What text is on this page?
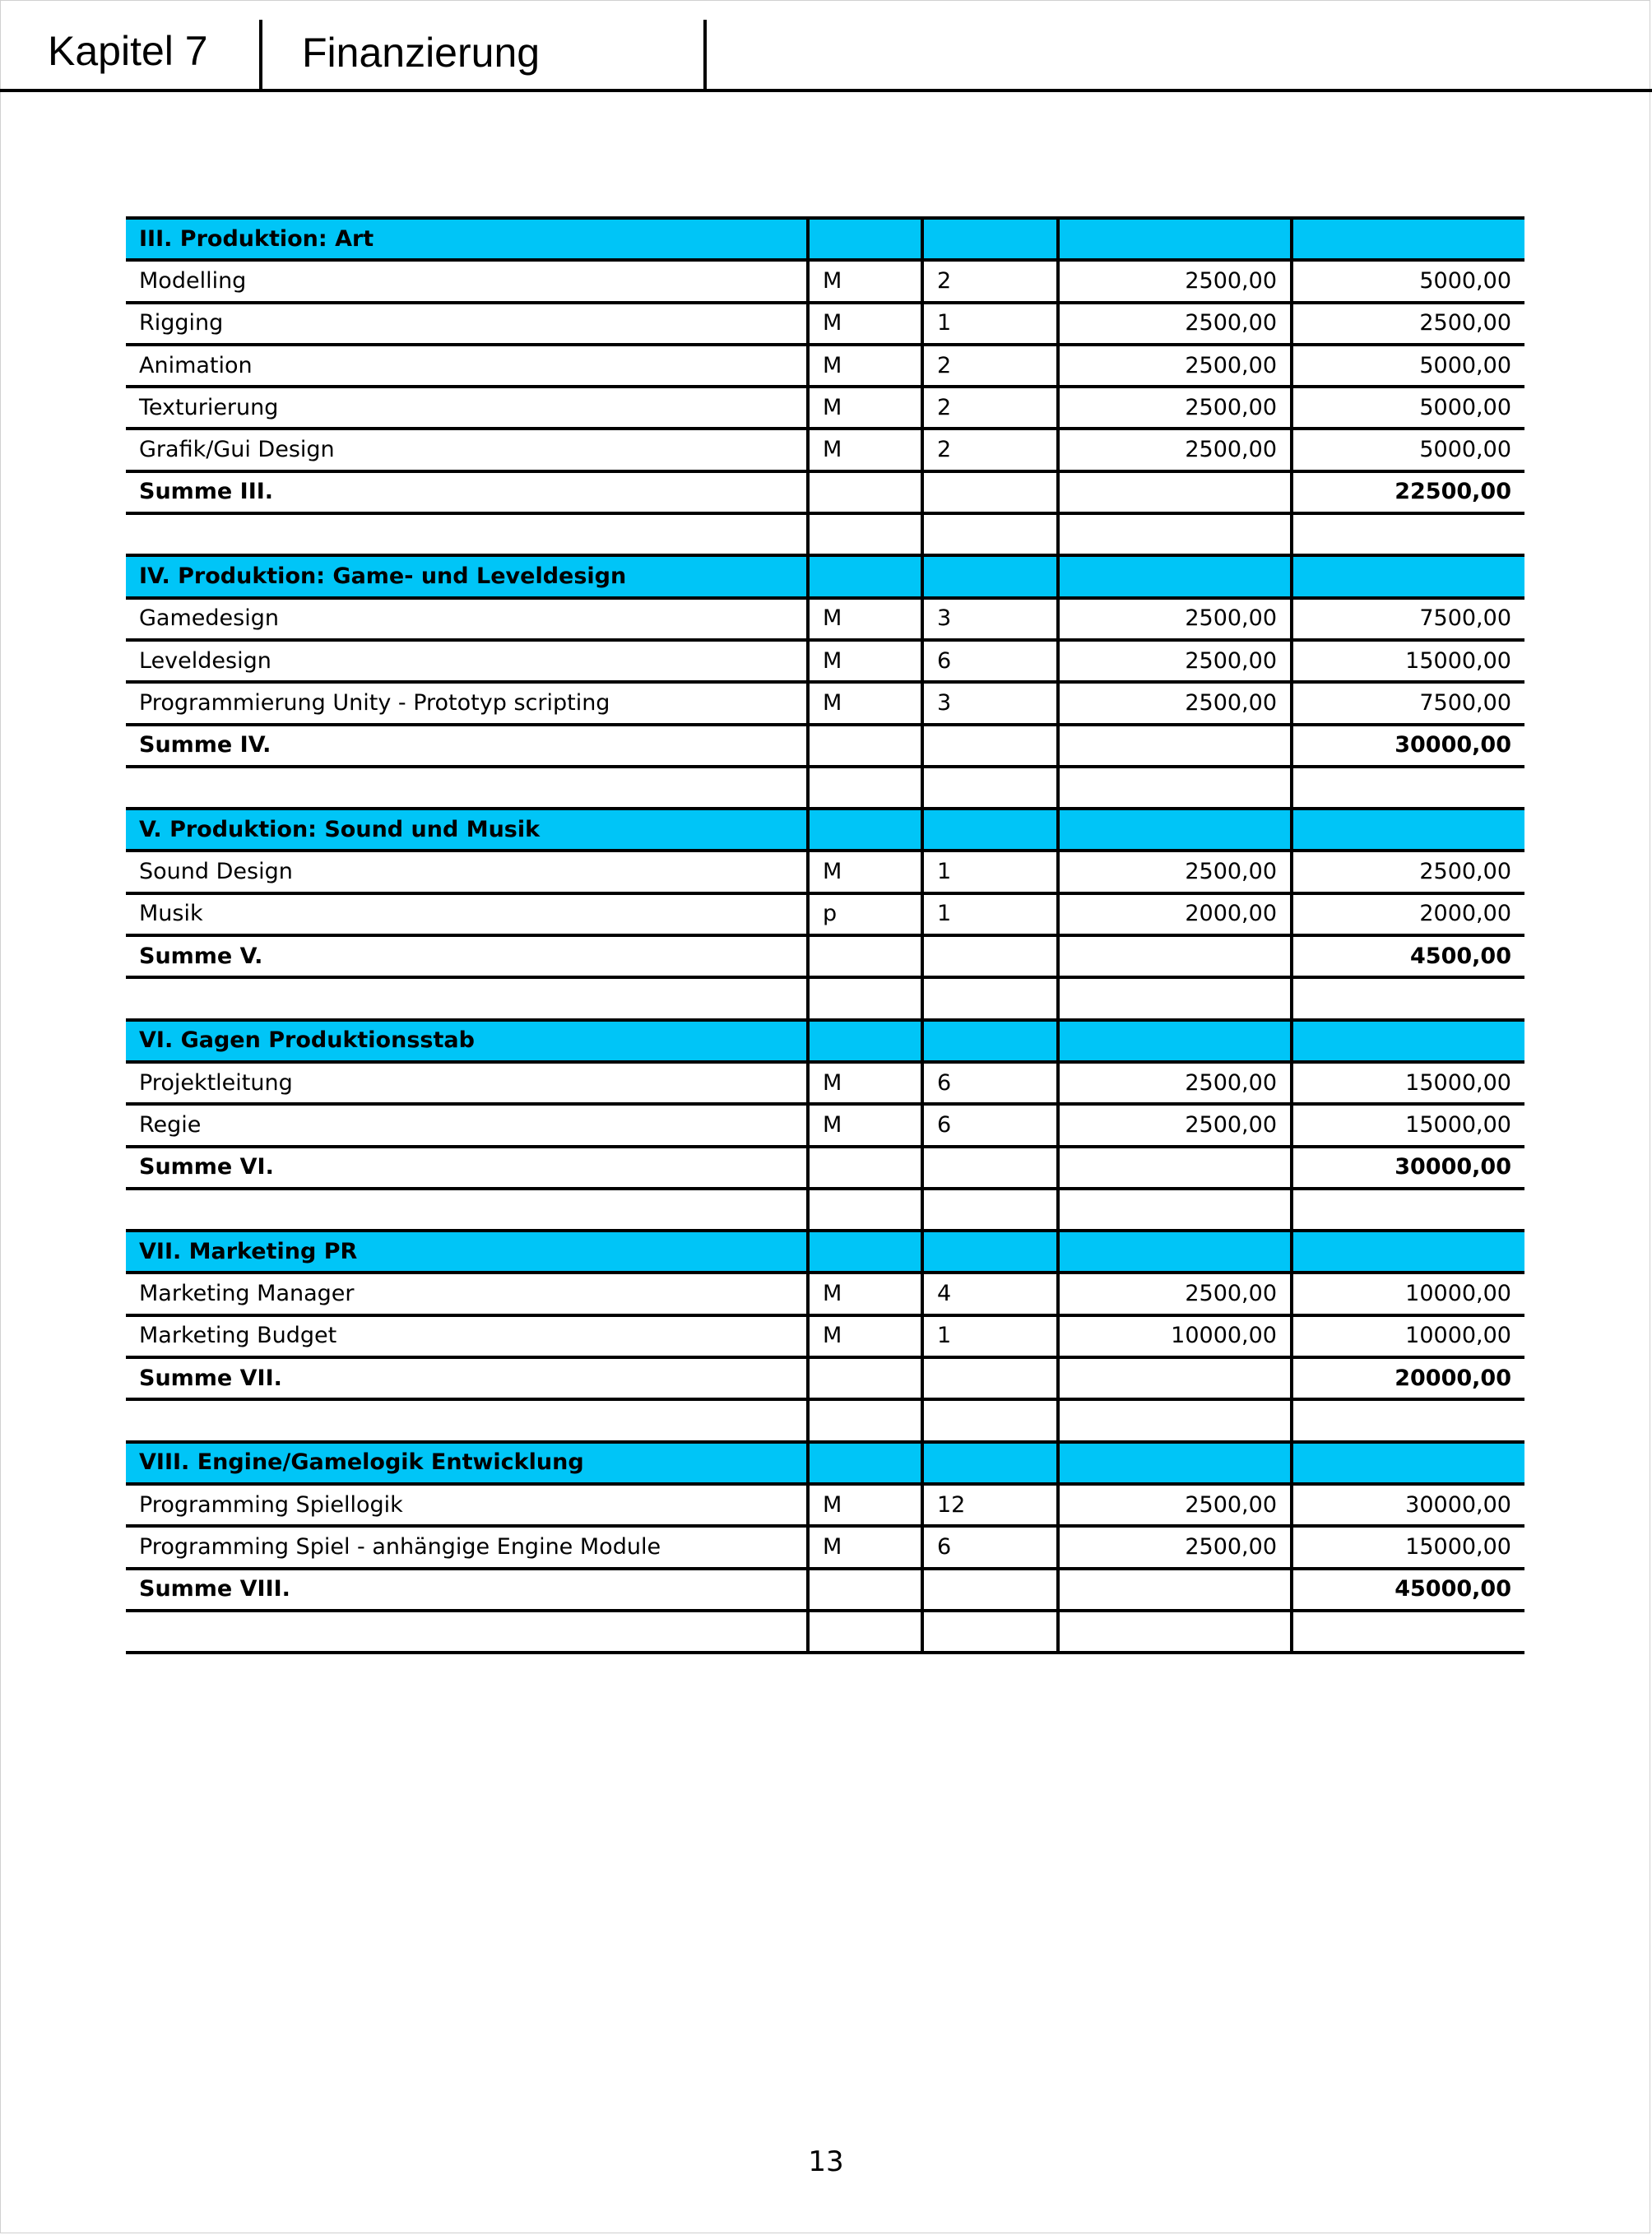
Kapitel 7 Finanzierung
III. Produktion: Art				
Modelling	M	2	2500,00	5000,00
Rigging	M	1	2500,00	2500,00
Animation	M	2	2500,00	5000,00
Texturierung	M	2	2500,00	5000,00
Grafik/Gui Design	M	2	2500,00	5000,00
Summe III.				22500,00

IV. Produktion: Game- und Leveldesign				
Gamedesign	M	3	2500,00	7500,00
Leveldesign	M	6	2500,00	15000,00
Programmierung Unity - Prototyp scripting	M	3	2500,00	7500,00
Summe IV.				30000,00

V. Produktion: Sound und Musik				
Sound Design	M	1	2500,00	2500,00
Musik	p	1	2000,00	2000,00
Summe V.				4500,00

VI. Gagen Produktionsstab				
Projektleitung	M	6	2500,00	15000,00
Regie	M	6	2500,00	15000,00
Summe VI.				30000,00

VII. Marketing PR				
Marketing Manager	M	4	2500,00	10000,00
Marketing Budget	M	1	10000,00	10000,00
Summe VII.				20000,00

VIII. Engine/Gamelogik Entwicklung				
Programming Spiellogik	M	12	2500,00	30000,00
Programming Spiel - anhängige Engine Module	M	6	2500,00	15000,00
Summe VIII.				45000,00

13
